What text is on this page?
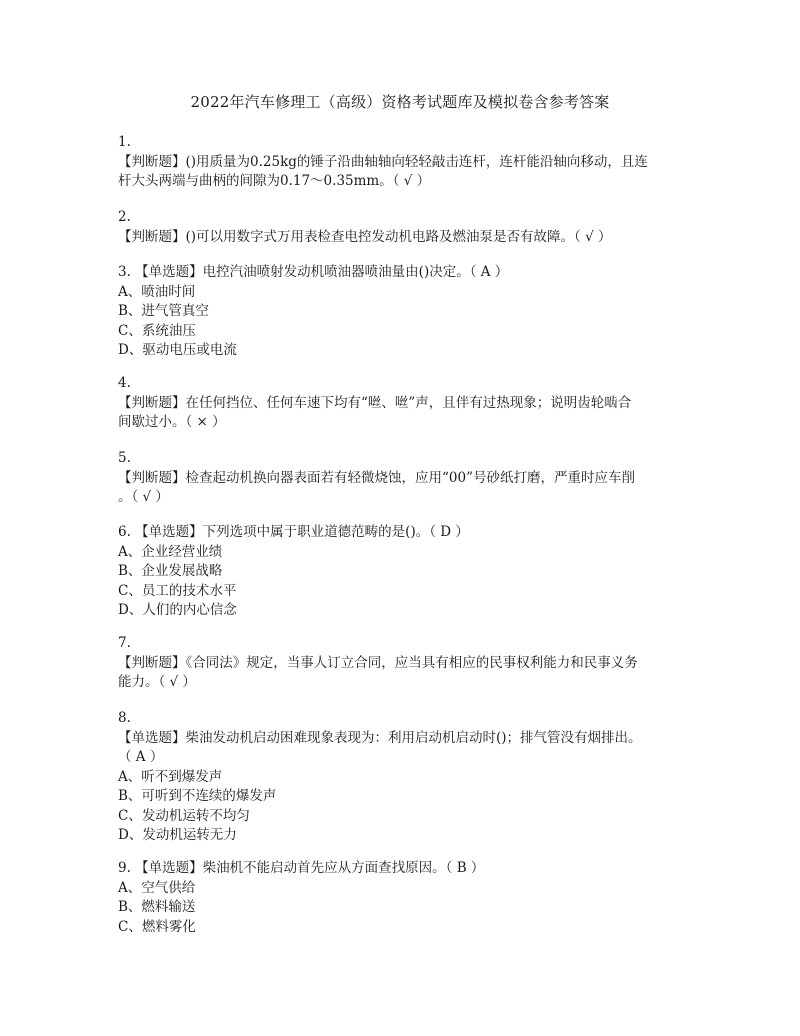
2022年汽车修理工（高级）资格考试题库及模拟卷含参考答案
1.
【判断题】()用质量为0.25kg的锤子沿曲轴轴向轻轻敲击连杆，连杆能沿轴向移动，且连
杆大头两端与曲柄的间隙为0.17～0.35mm。（ √ ）
2.
【判断题】()可以用数字式万用表检查电控发动机电路及燃油泵是否有故障。（ √ ）
3. 【单选题】电控汽油喷射发动机喷油器喷油量由()决定。（ A ）
A、喷油时间
B、进气管真空
C、系统油压
D、驱动电压或电流
4.
【判断题】在任何挡位、任何车速下均有“咝、咝”声，且伴有过热现象；说明齿轮啮合
间歇过小。（ × ）
5.
【判断题】检查起动机换向器表面若有轻微烧蚀，应用“00”号砂纸打磨，严重时应车削
。（ √ ）
6. 【单选题】下列选项中属于职业道德范畴的是()。（ D ）
A、企业经营业绩
B、企业发展战略
C、员工的技术水平
D、人们的内心信念
7.
【判断题】《合同法》规定，当事人订立合同，应当具有相应的民事权利能力和民事义务
能力。（ √ ）
8.
【单选题】柴油发动机启动困难现象表现为：利用启动机启动时()；排气管没有烟排出。
（ A ）
A、听不到爆发声
B、可听到不连续的爆发声
C、发动机运转不均匀
D、发动机运转无力
9. 【单选题】柴油机不能启动首先应从方面查找原因。（ B ）
A、空气供给
B、燃料输送
C、燃料雾化
